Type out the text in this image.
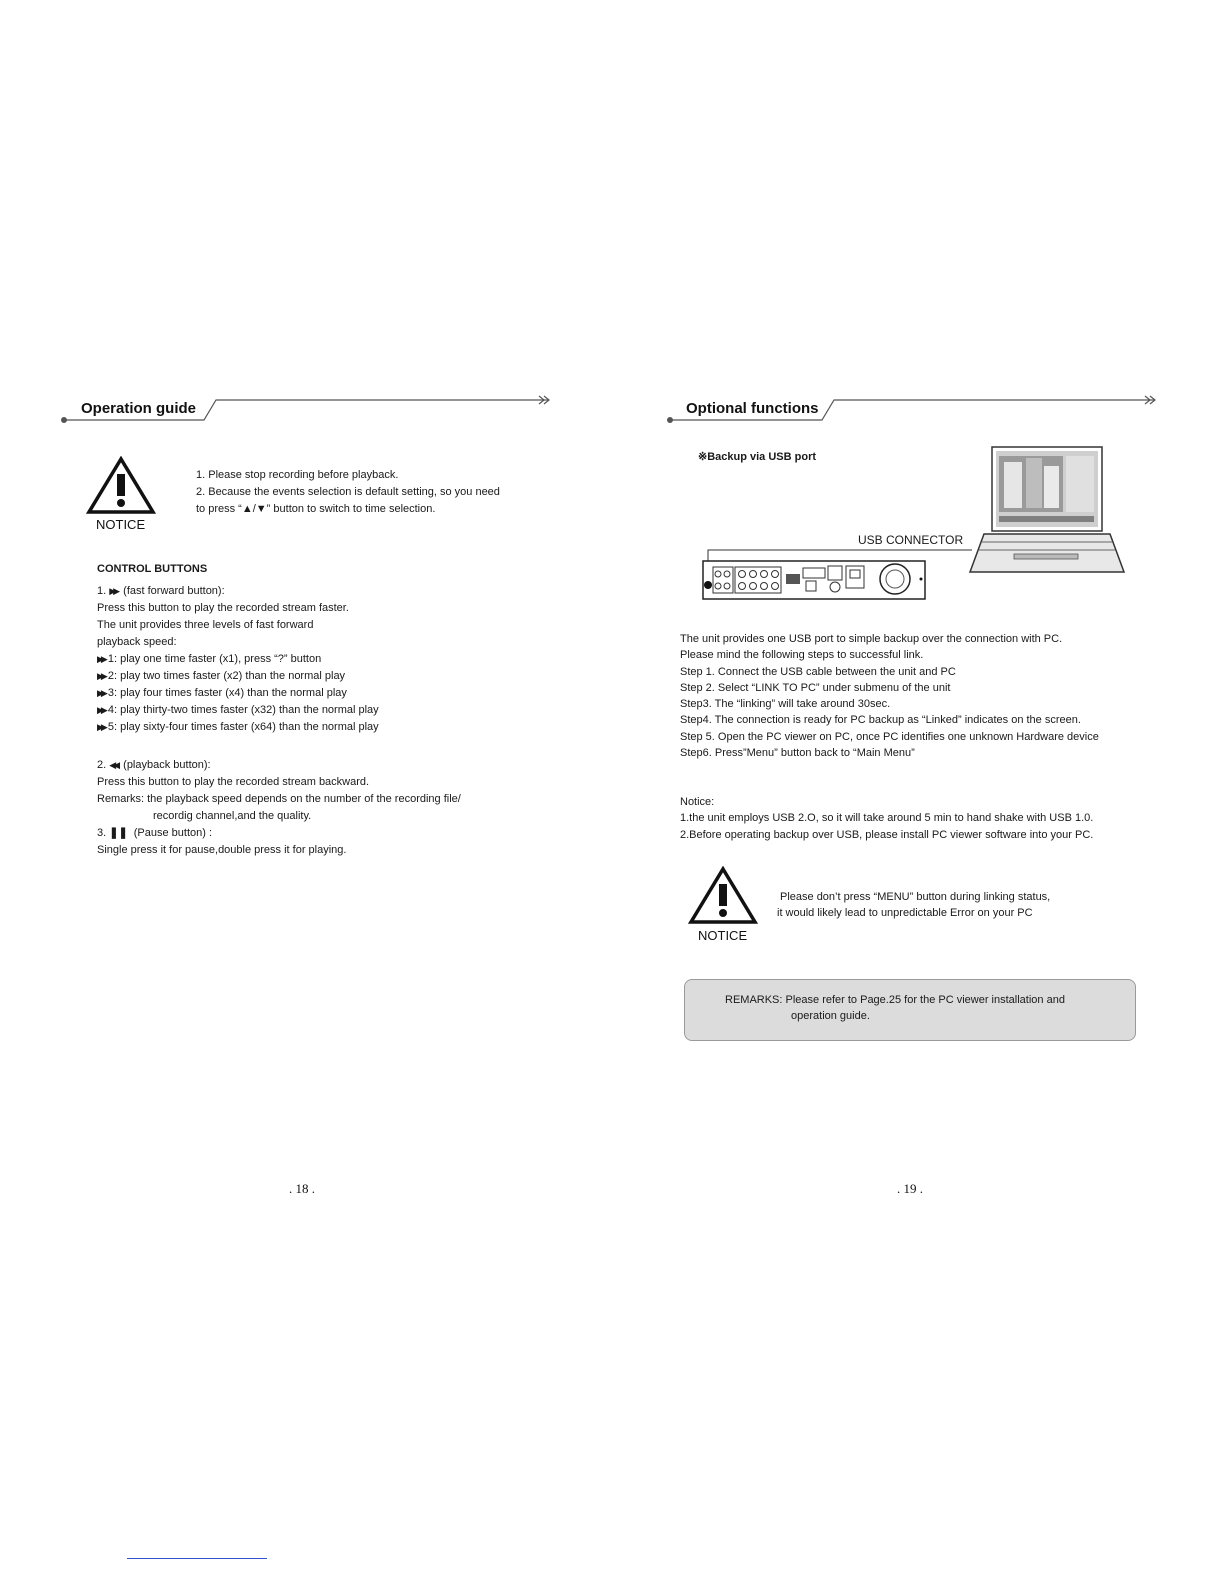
Operation guide
NOTICE
1. Please stop recording before playback.
2. Because the events selection is default setting, so you need
to press “▲/▼” button to switch to time selection.
CONTROL BUTTONS
1. ▶▶ (fast forward button):
Press this button to play the recorded stream faster.
The unit provides three levels of fast forward
playback speed:
▶▶ 1: play one time faster (x1), press “?” button
▶▶ 2: play two times faster (x2) than the normal play
▶▶ 3: play four times faster (x4) than the normal play
▶▶ 4: play thirty-two times faster (x32) than the normal play
▶▶ 5: play sixty-four times faster (x64) than the normal play
2. ◀◀ (playback button):
Press this button to play the recorded stream backward.
Remarks: the playback speed depends on the number of the recording file/
recordig channel,and the quality.
3. ❚❚ (Pause button) :
Single press it for pause,double press it for playing.
. 18 .
Optional functions
※Backup via USB port
USB CONNECTOR
The unit provides one USB port to simple backup over the connection with PC.
Please mind the following steps to successful link.
Step 1. Connect the USB cable between the unit and PC
Step 2. Select “LINK TO PC” under submenu of the unit
Step3. The “linking” will take around 30sec.
Step4. The connection is ready for PC backup as “Linked” indicates on the screen.
Step 5. Open the PC viewer on PC, once PC identifies one unknown Hardware device
Step6. Press”Menu” button back to “Main Menu”
Notice:
1.the unit employs USB 2.O, so it will take around 5 min to hand shake with USB 1.0.
2.Before operating backup over USB, please install PC viewer software into your PC.
NOTICE
Please don’t press “MENU” button during linking status,
it would likely lead to unpredictable Error on your PC
REMARKS: Please refer to Page.25 for the PC viewer installation and
operation guide.
. 19 .
